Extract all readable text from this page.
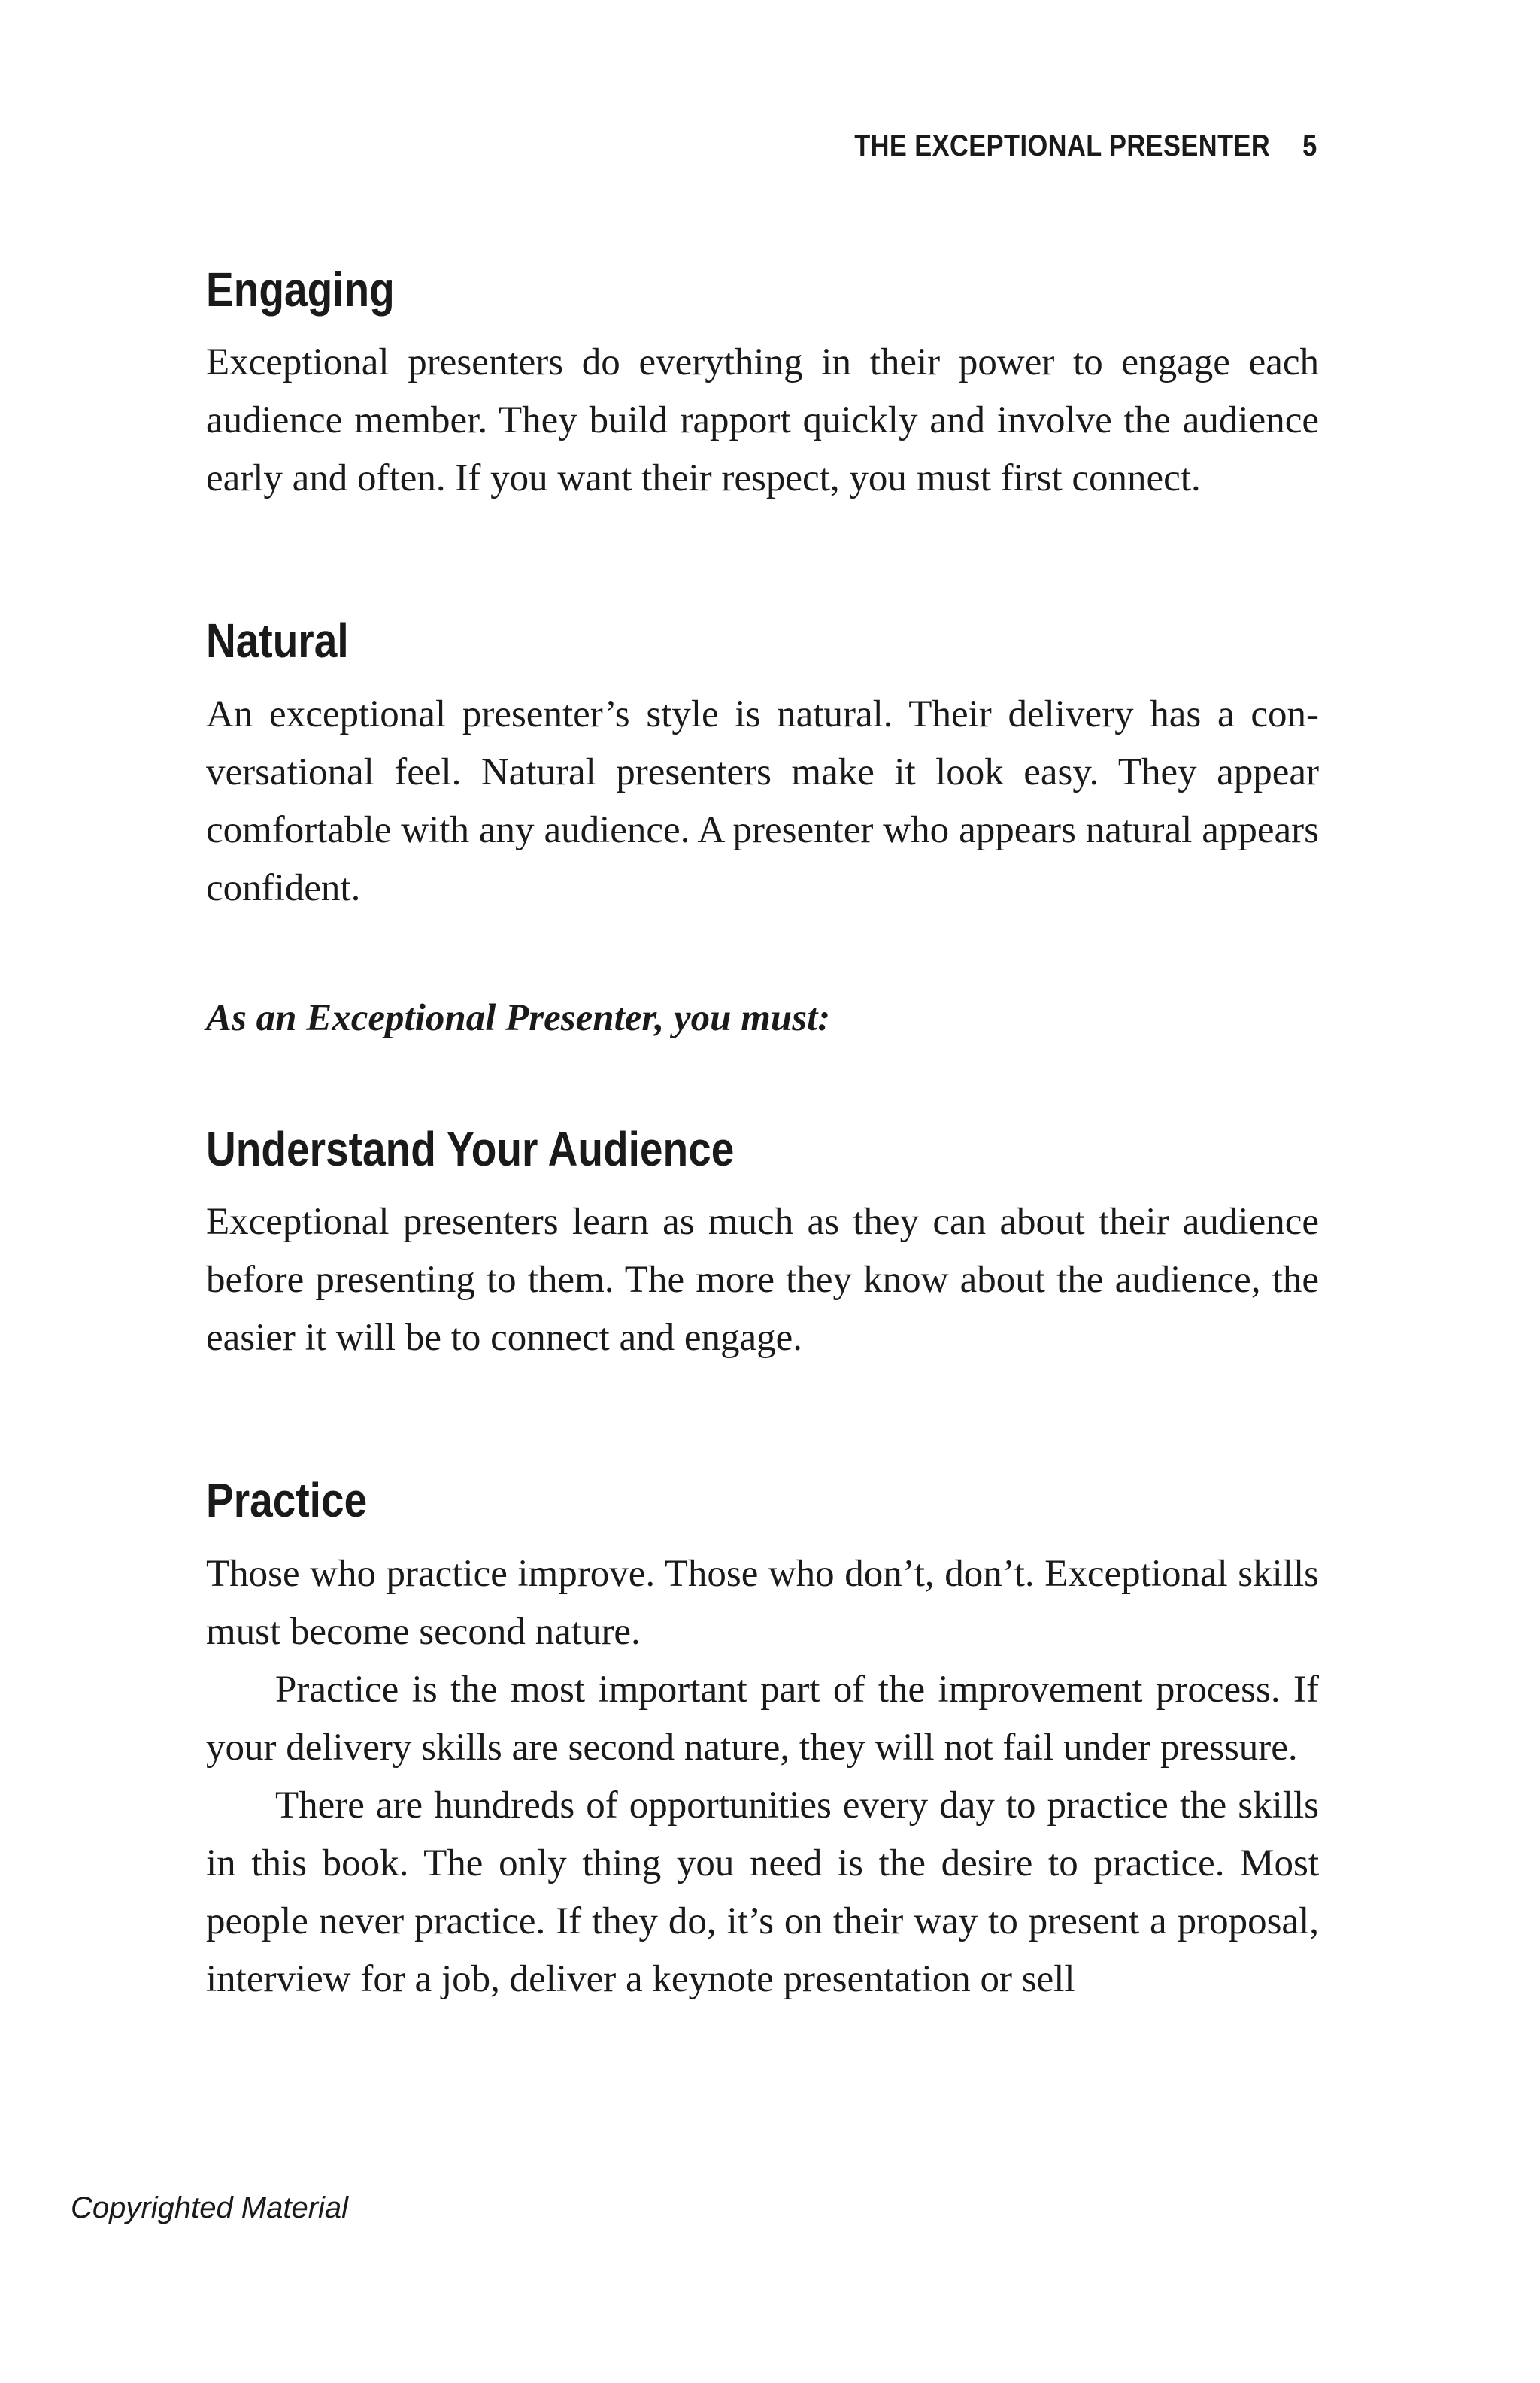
THE EXCEPTIONAL PRESENTER 5
Engaging

Exceptional presenters do everything in their power to engage each audience member. They build rapport quickly and involve the audience early and often. If you want their respect, you must first connect.

Natural

An exceptional presenter’s style is natural. Their delivery has a conversational feel. Natural presenters make it look easy. They appear comfortable with any audience. A presenter who appears natural appears confident.

As an Exceptional Presenter, you must:
Understand Your Audience

Exceptional presenters learn as much as they can about their audience before presenting to them. The more they know about the audience, the easier it will be to connect and engage.

Practice

Those who practice improve. Those who don’t, don’t. Exceptional skills must become second nature.

Practice is the most important part of the improvement process. If your delivery skills are second nature, they will not fail under pressure.

There are hundreds of opportunities every day to practice the skills in this book. The only thing you need is the desire to practice. Most people never practice. If they do, it’s on their way to present a proposal, interview for a job, deliver a keynote presentation or sell

Copyrighted Material
